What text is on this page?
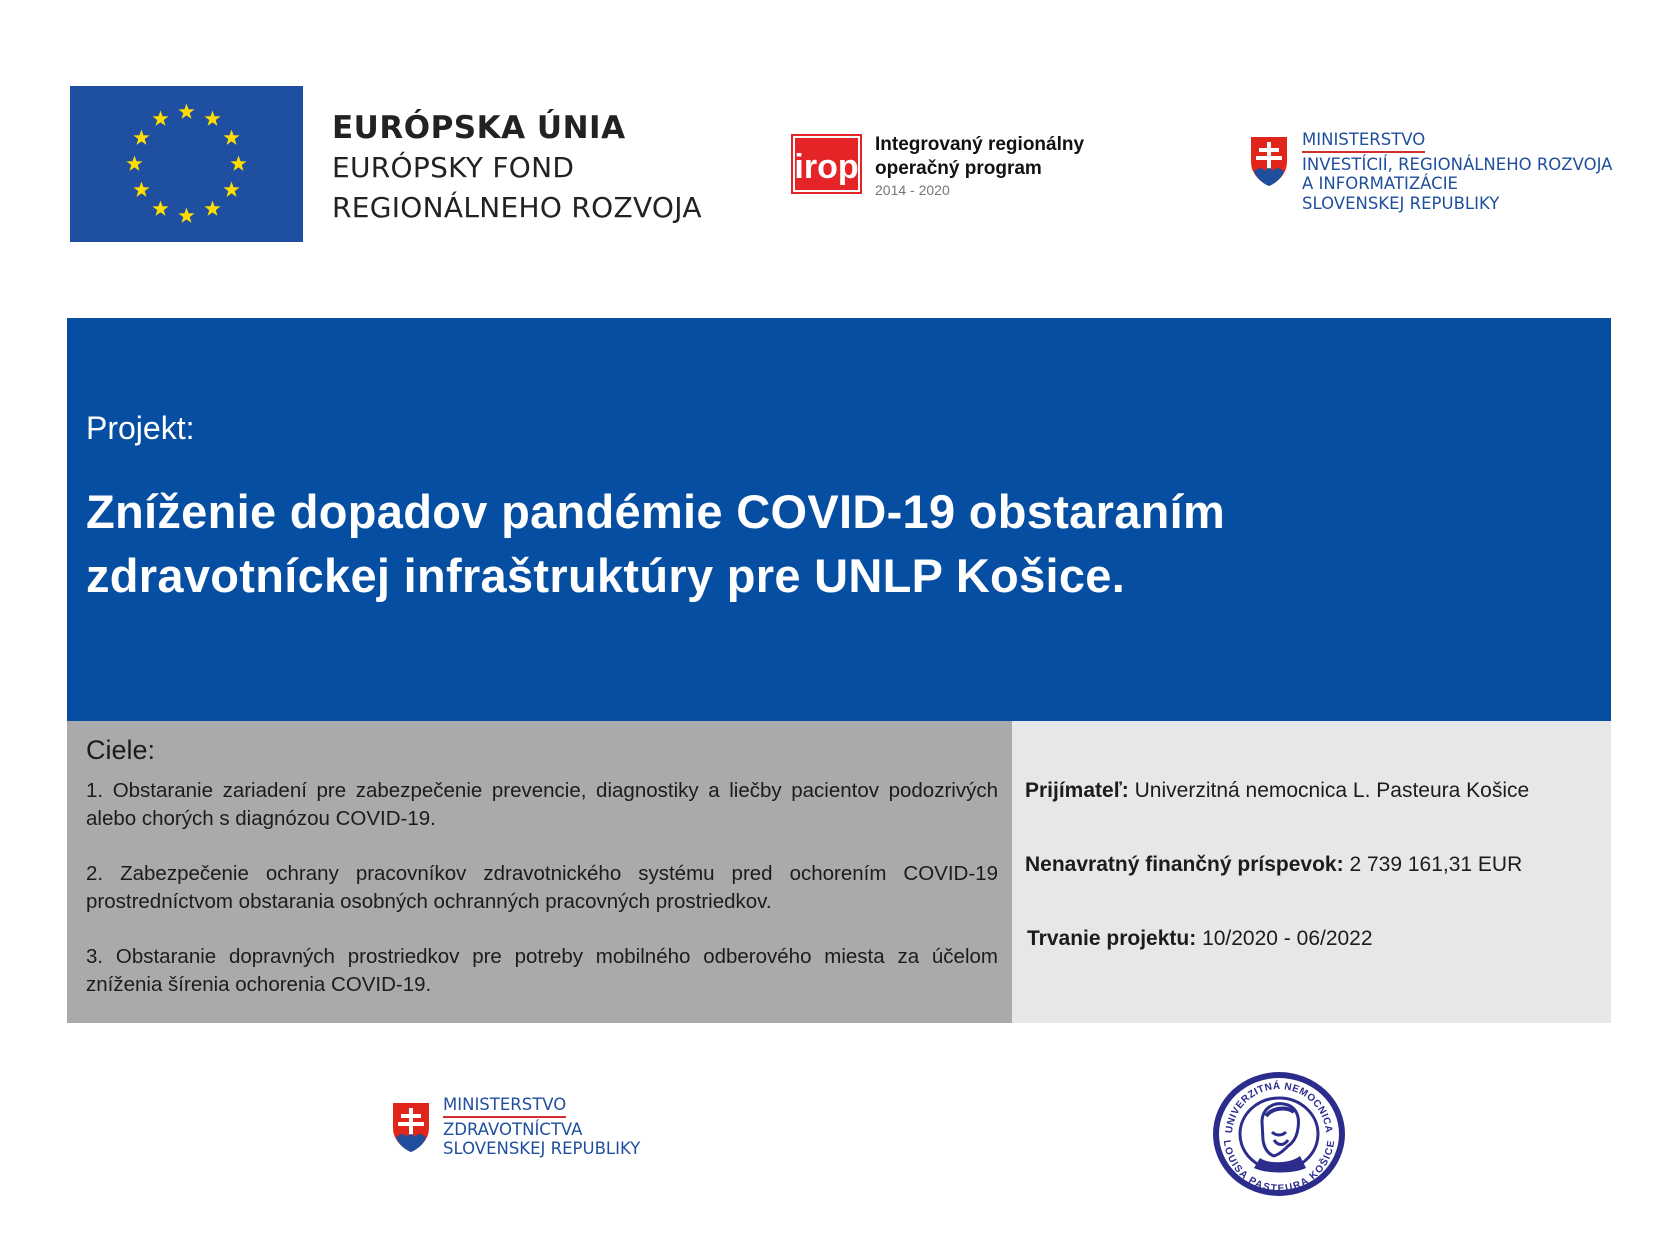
EURÓPSKA ÚNIA
EURÓPSKY FOND
REGIONÁLNEHO ROZVOJA
irop
Integrovaný regionálny
operačný program
2014 - 2020
MINISTERSTVO
INVESTÍCIÍ, REGIONÁLNEHO ROZVOJA
A INFORMATIZÁCIE
SLOVENSKEJ REPUBLIKY
Projekt:
Zníženie dopadov pandémie COVID-19 obstaraním
zdravotníckej infraštruktúry pre UNLP Košice.
Ciele:
1. Obstaranie zariadení pre zabezpečenie prevencie, diagnostiky a liečby pacientov podozrivých alebo chorých s diagnózou COVID-19.
2. Zabezpečenie ochrany pracovníkov zdravotnického systému pred ochorením COVID-19 prostredníctvom obstarania osobných ochranných pracovných prostriedkov.
3. Obstaranie dopravných prostriedkov pre potreby mobilného odberového miesta za účelom zníženia šírenia ochorenia COVID-19.
Prijímateľ: Univerzitná nemocnica L. Pasteura Košice
Nenavratný finančný príspevok: 2 739 161,31 EUR
Trvanie projektu: 10/2020 - 06/2022
MINISTERSTVO
ZDRAVOTNÍCTVA
SLOVENSKEJ REPUBLIKY
UNIVERZITNÁ NEMOCNICA
LOUISA PASTEURA KOŠICE
